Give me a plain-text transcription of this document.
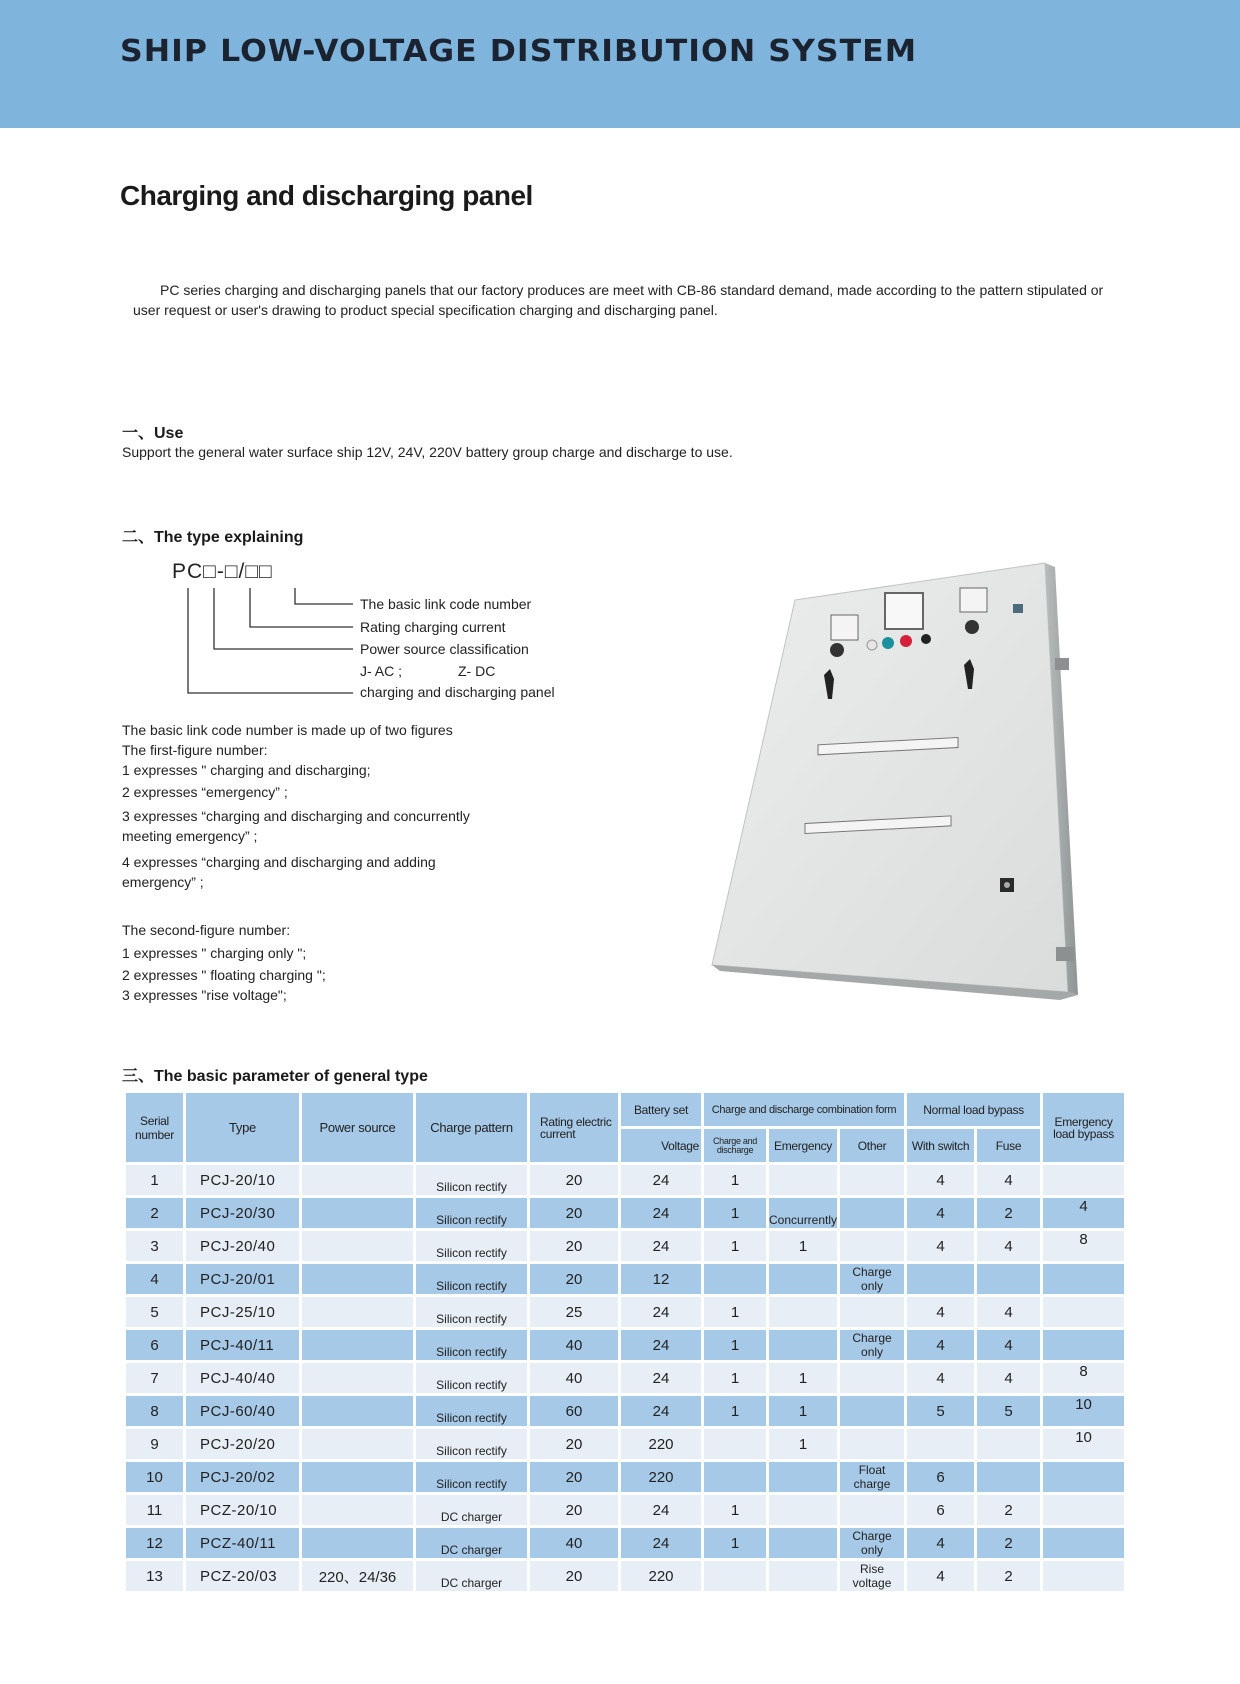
SHIP LOW-VOLTAGE DISTRIBUTION SYSTEM
Charging and discharging panel
PC series charging and discharging panels that our factory produces are meet with CB-86 standard demand, made according to the pattern stipulated or user request or user's drawing to product special specification charging and discharging panel.
一、Use
Support the general water surface ship 12V, 24V, 220V battery group charge and discharge to use.
二、The type explaining
PC□-□/□□
The basic link code number
Rating charging current
Power source classification
J- AC ;	Z- DC
charging and discharging panel

The basic link code number is made up of two figures

The first-figure number:

1 expresses " charging and discharging;

2 expresses “emergency” ;

3 expresses “charging and discharging and concurrently meeting emergency” ;

4 expresses “charging and discharging and adding emergency” ;

The second-figure number:

1 expresses " charging only ";

2 expresses " floating charging ";

3 expresses "rise voltage";

三、The basic parameter of general type
Serial number	Type	Power source	Charge pattern	Rating electric current	Battery set	Charge and discharge combination form			Normal load bypass		Emergency load bypass
					Voltage	Charge and discharge	Emergency	Other	With switch	Fuse	
1	PCJ-20/10		Silicon rectify	20	24	1			4	4	
2	PCJ-20/30		Silicon rectify	20	24	1	Concurrently		4	2	4
3	PCJ-20/40		Silicon rectify	20	24	1	1		4	4	8
4	PCJ-20/01		Silicon rectify	20	12			Charge only			
5	PCJ-25/10		Silicon rectify	25	24	1			4	4	
6	PCJ-40/11		Silicon rectify	40	24	1		Charge only	4	4	
7	PCJ-40/40		Silicon rectify	40	24	1	1		4	4	8
8	PCJ-60/40		Silicon rectify	60	24	1	1		5	5	10
9	PCJ-20/20		Silicon rectify	20	220		1				10
10	PCJ-20/02		Silicon rectify	20	220			Float charge	6		
11	PCZ-20/10		DC charger	20	24	1			6	2	
12	PCZ-40/11		DC charger	40	24	1		Charge only	4	2	
13	PCZ-20/03	220、24/36	DC charger	20	220			Rise voltage	4	2	
